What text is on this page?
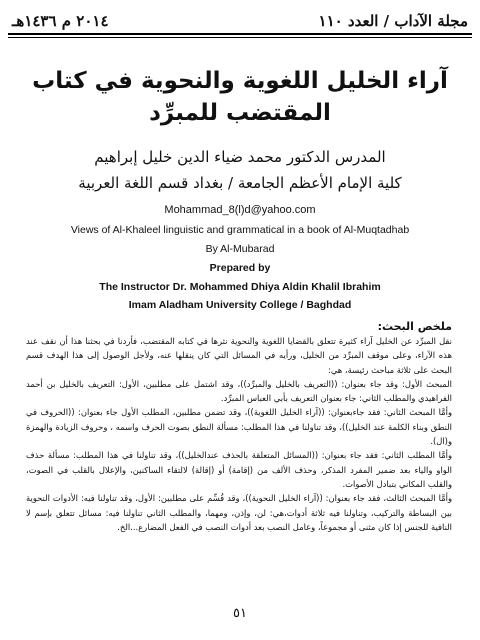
مجلة الآداب / العدد ١١٠
٢٠١٤ م ١٤٣٦هـ
آراء الخليل اللغوية والنحوية في كتاب
المقتضب للمبرِّد
المدرس الدكتور محمد ضياء الدين خليل إبراهيم
كلية الإمام الأعظم الجامعة / بغداد قسم اللغة العربية
Mohammad_8(l)d@yahoo.com
Views of Al-Khaleel linguistic and grammatical in a book of Al-Muqtadhab
By Al-Mubarad
Prepared by
The Instructor Dr. Mohammed Dhiya Aldin Khalil Ibrahim
Imam Aladham University College / Baghdad
ملخص البحث:

نقل المبرِّد عن الخليل آراء كثيرة تتعلق بالقضايا اللغوية والنحوية نثرها في كتابه المقتضب، فأردنا في بحثنا هذا أن نقف عند هذه الآراء، وعلى موقف المبرِّد من الخليل، ورأيه في المسائل التي كان ينقلها عنه، ولأجل الوصول إلى هذا الهدف قسم البحث على ثلاثة مباحث رئيسة، هي:

المبحث الأول: وقد جاء بعنوان: ((التعريف بالخليل والمبرِّد))، وقد اشتمل على مطلبين، الأول: التعريف بالخليل بن أحمد الفراهيدي والمطلب الثاني: جاء بعنوان التعريف بأبي العباس المبرِّد.

وأمَّا المبحث الثاني: فقد جاءبعنوان: ((آراء الخليل اللغوية))، وقد تضمن مطلبين، المطلب الأول جاء بعنوان: ((الحروف في النطق وبناء الكلمة عند الخليل))، وقد تناولنا في هذا المطلب: مسألة النطق بصوت الحرف واسمه ، وحروف الزيادة والهمزة و(ال).

وأمَّا المطلب الثاني: فقد جاء بعنوان: ((المسائل المتعلقة بالحذف عندالخليل))، وقد تناولنا في هذا المطلب: مسألة حذف الواو والياء بعد ضمير المفرد المذكر، وحذف الألف من (إقامة) أو (إقالة) لالتقاء الساكنين، والإعلال بالقلب في الصوت، والقلب المكاني بتبادل الأصوات.

وأمَّا المبحث الثالث، فقد جاء بعنوان: ((آراء الخليل النحوية))، وقد قُسِّم على مطلبين: الأول، وقد تناولنا فيه: الأدوات النحوية بين البساطة والتركيب، وتناولنا فيه ثلاثة أدوات،هي: لن، وإذن، ومهما، والمطلب الثاني تناولنا فيه: مسائل تتعلق بإسم لا النافية للجنس إذا كان مثنى أو مجموعاً، وعامل النصب بعد أدوات النصب في الفعل المضارع...الخ.

٥١
